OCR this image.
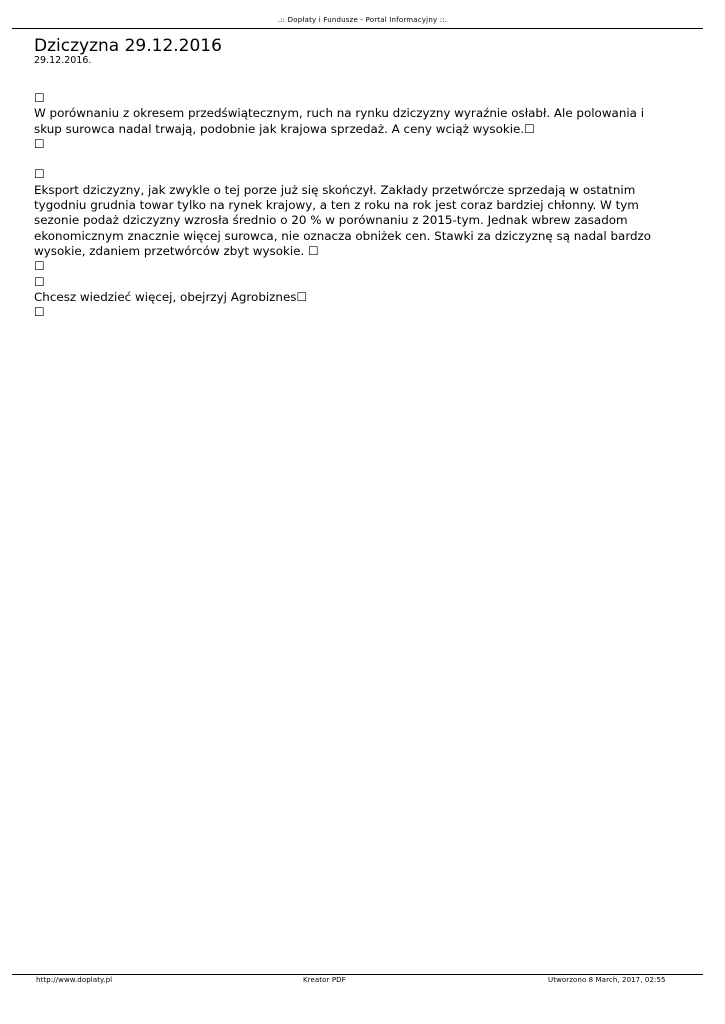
.:: Dopłaty i Fundusze - Portal Informacyjny ::.
Dziczyzna 29.12.2016
29.12.2016.
☐
W porównaniu z okresem przedświątecznym, ruch na rynku dziczyzny wyraźnie osłabł. Ale polowania i
skup surowca nadal trwają, podobnie jak krajowa sprzedaż. A ceny wciąż wysokie.☐
☐
☐
Eksport dziczyzny, jak zwykle o tej porze już się skończył. Zakłady przetwórcze sprzedają w ostatnim
tygodniu grudnia towar tylko na rynek krajowy, a ten z roku na rok jest coraz bardziej chłonny. W tym
sezonie podaż dziczyzny wzrosła średnio o 20 % w porównaniu z 2015-tym. Jednak wbrew zasadom
ekonomicznym znacznie więcej surowca, nie oznacza obniżek cen. Stawki za dziczyznę są nadal bardzo
wysokie, zdaniem przetwórców zbyt wysokie. ☐
☐
☐
Chcesz wiedzieć więcej, obejrzyj Agrobiznes☐
☐
http://www.doplaty.pl	Kreator PDF	Utworzono 8 March, 2017, 02:55
